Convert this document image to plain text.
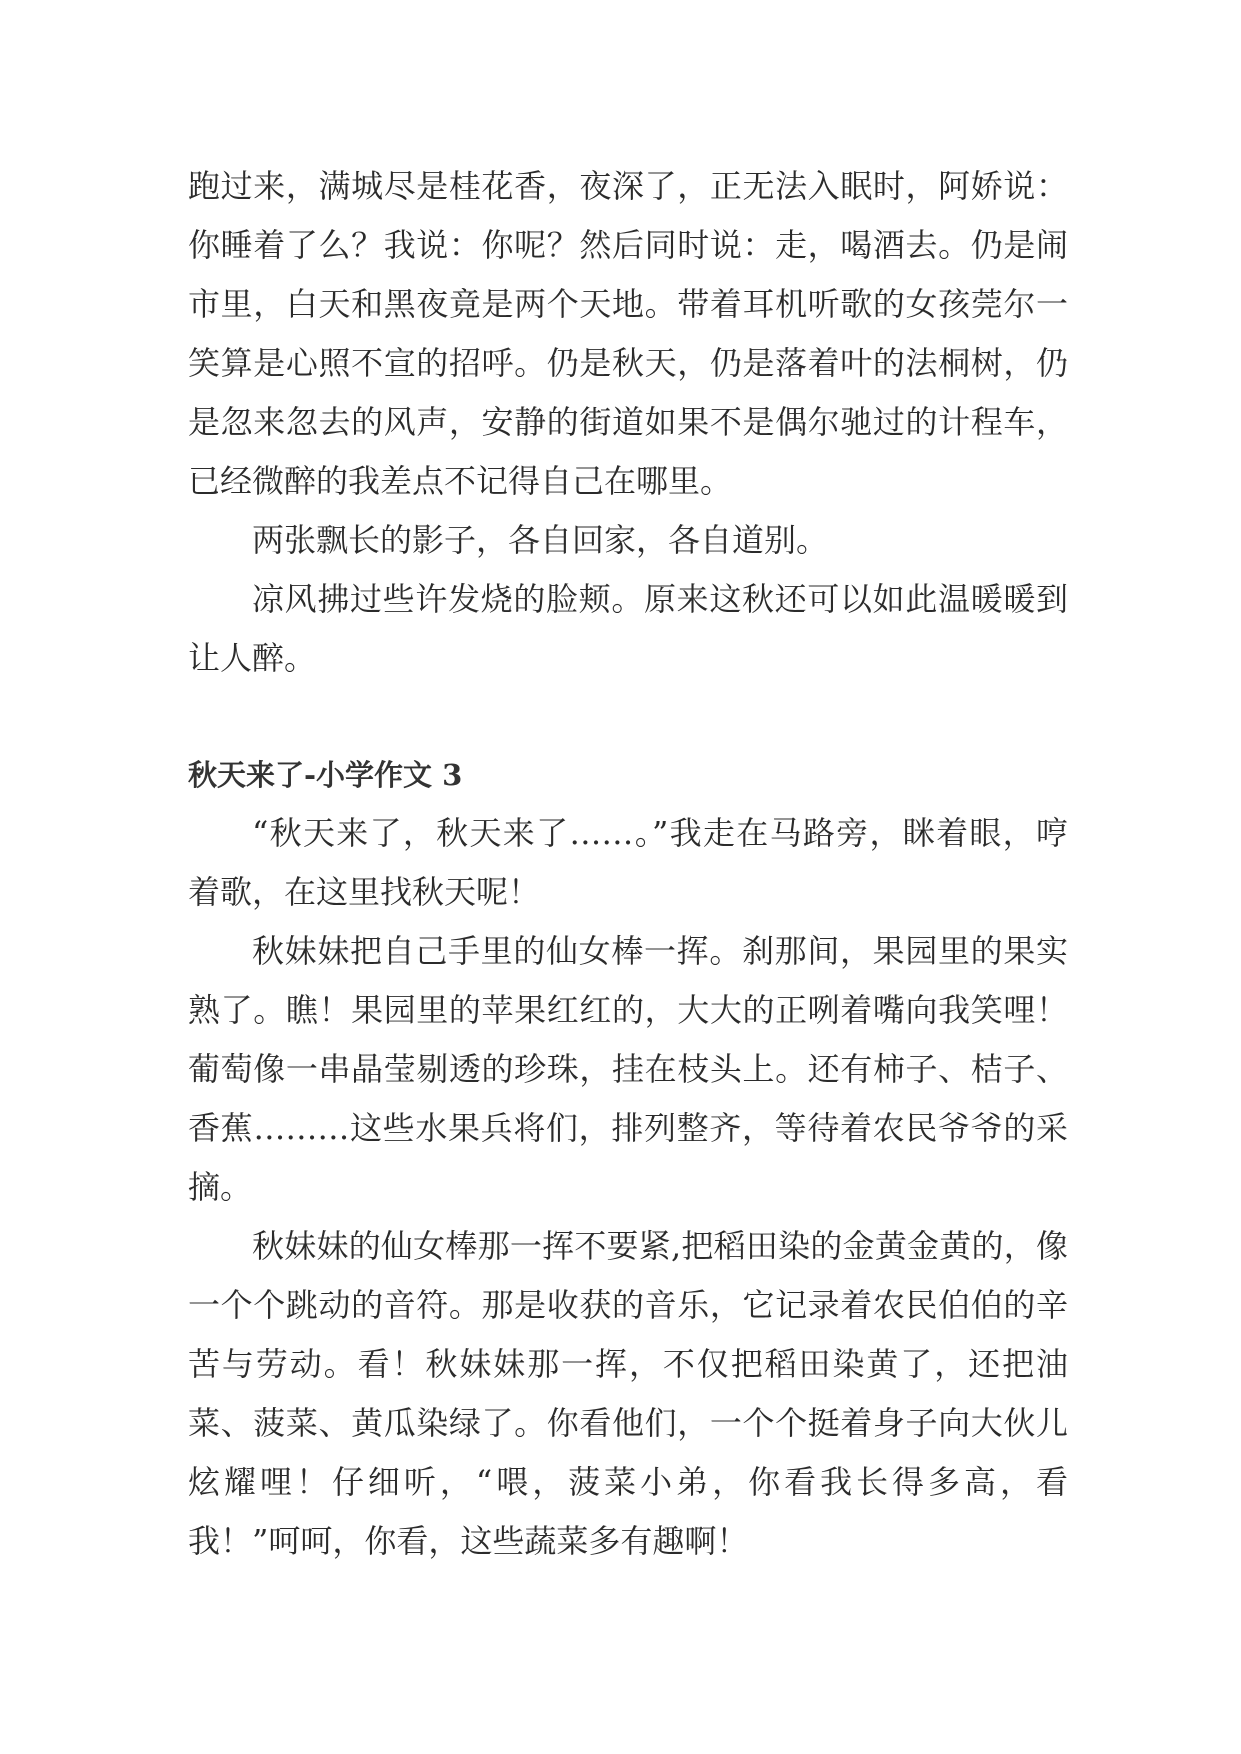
跑过来，满城尽是桂花香，夜深了，正无法入眠时，阿娇说：你睡着了么？我说：你呢？然后同时说：走，喝酒去。仍是闹市里，白天和黑夜竟是两个天地。带着耳机听歌的女孩莞尔一笑算是心照不宣的招呼。仍是秋天，仍是落着叶的法桐树，仍是忽来忽去的风声，安静的街道如果不是偶尔驰过的计程车，已经微醉的我差点不记得自己在哪里。

两张飘长的影子，各自回家，各自道别。

凉风拂过些许发烧的脸颊。原来这秋还可以如此温暖暖到让人醉。

秋天来了-小学作文 3

“秋天来了，秋天来了……。”我走在马路旁，眯着眼，哼着歌，在这里找秋天呢！

秋妹妹把自己手里的仙女棒一挥。刹那间，果园里的果实熟了。瞧！果园里的苹果红红的，大大的正咧着嘴向我笑哩！葡萄像一串晶莹剔透的珍珠，挂在枝头上。还有柿子、桔子、香蕉………这些水果兵将们，排列整齐，等待着农民爷爷的采摘。

秋妹妹的仙女棒那一挥不要紧,把稻田染的金黄金黄的，像一个个跳动的音符。那是收获的音乐，它记录着农民伯伯的辛苦与劳动。看！秋妹妹那一挥，不仅把稻田染黄了，还把油菜、菠菜、黄瓜染绿了。你看他们，一个个挺着身子向大伙儿炫耀哩！仔细听，“喂，菠菜小弟，你看我长得多高，看我！”呵呵，你看，这些蔬菜多有趣啊！
